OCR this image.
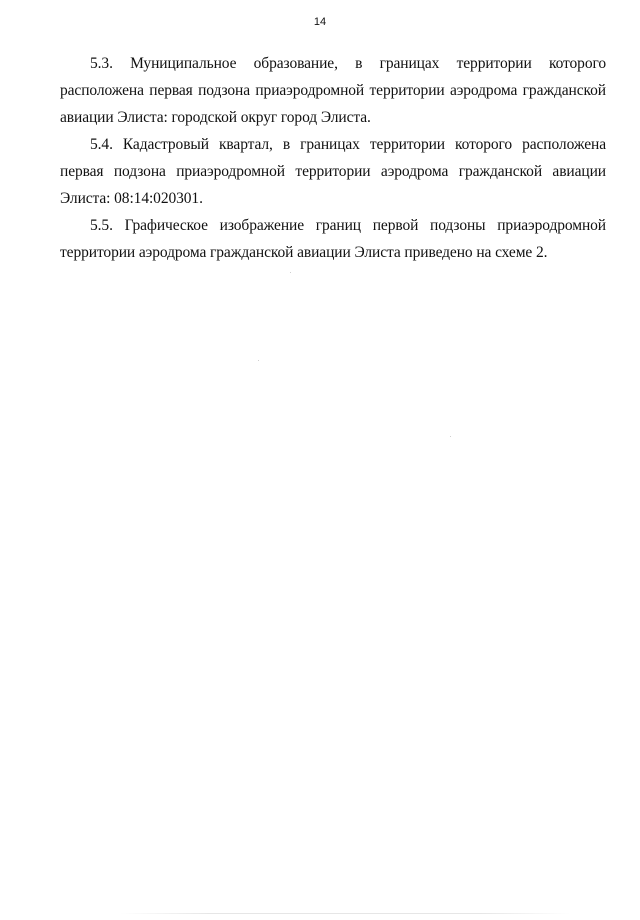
14

5.3. Муниципальное образование, в границах территории которого расположена первая подзона приаэродромной территории аэродрома гражданской авиации Элиста: городской округ город Элиста.

5.4. Кадастровый квартал, в границах территории которого расположена первая подзона приаэродромной территории аэродрома гражданской авиации Элиста: 08:14:020301.

5.5. Графическое изображение границ первой подзоны приаэродромной территории аэродрома гражданской авиации Элиста приведено на схеме 2.
